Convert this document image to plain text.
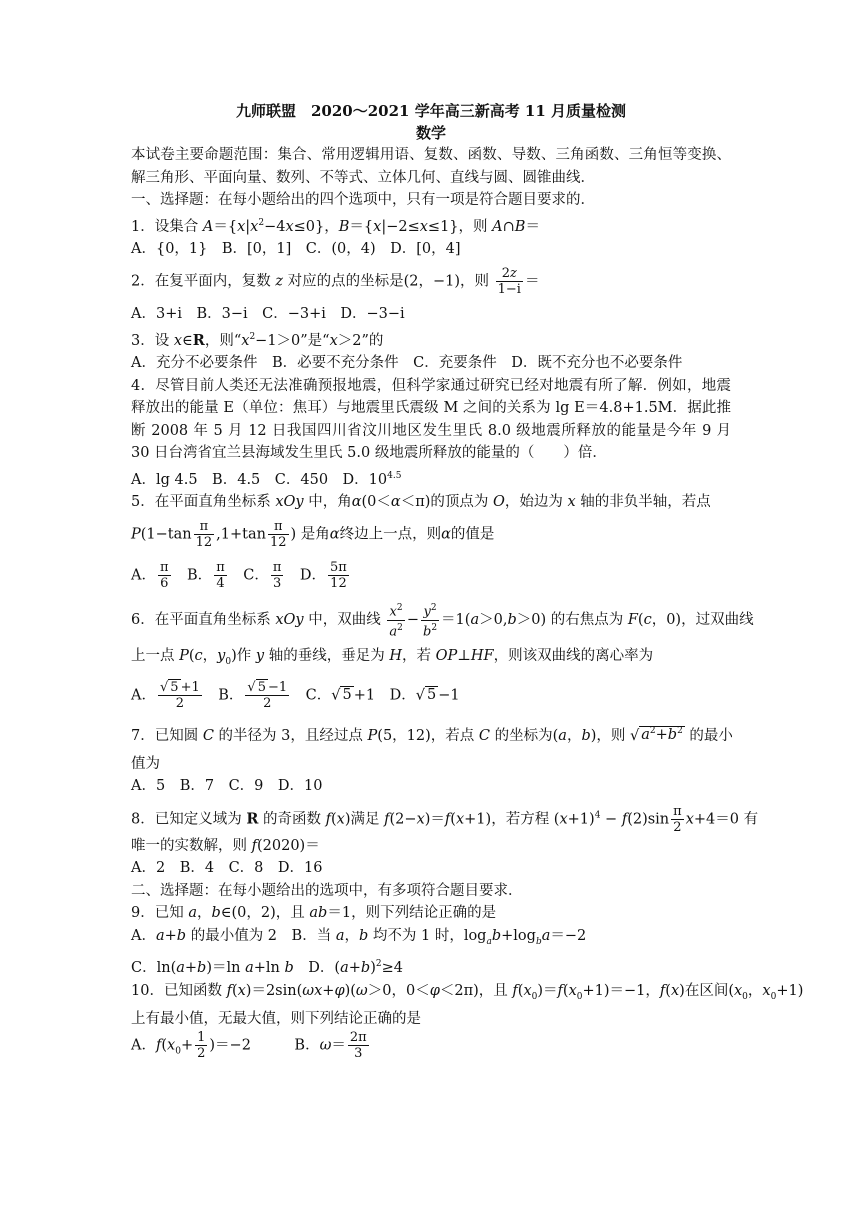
九师联盟　2020～2021 学年高三新高考 11 月质量检测
数学
本试卷主要命题范围：集合、常用逻辑用语、复数、函数、导数、三角函数、三角恒等变换、解三角形、平面向量、数列、不等式、立体几何、直线与圆、圆锥曲线．
一、选择题：在每小题给出的四个选项中，只有一项是符合题目要求的．
1．设集合 $A=\{x|x^2-4x\le 0\}$，B＝{x|−2≤x≤1}，则 A∩B＝
A．{0，1}　B．[0，1]　C．(0，4)　D．[0，4]
2．在复平面内，复数 z 对应的点的坐标是(2，−1)，则 $\frac{2z}{1-i}$ ＝
A．3+i　B．3−i　C．−3+i　D．−3−i
3．设 x∈R，则“$x^2-1>0$”是“x＞2”的
A．充分不必要条件　B．必要不充分条件　C．充要条件　D．既不充分也不必要条件
4．尽管目前人类还无法准确预报地震，但科学家通过研究已经对地震有所了解．例如，地震释放出的能量 E（单位：焦耳）与地震里氏震级 M 之间的关系为 lg E＝4.8+1.5M．据此推断 2008 年 5 月 12 日我国四川省汶川地区发生里氏 8.0 级地震所释放的能量是今年 9 月 30 日台湾省宜兰县海域发生里氏 5.0 级地震所释放的能量的（　　）倍．
A．lg 4.5　B．4.5　C．450　D．$10^{4.5}$
5．在平面直角坐标系 xOy 中，角α(0＜α＜π)的顶点为 O，始边为 x 轴的非负半轴，若点
$P(1-\tan \frac{\pi}{12} ,1+\tan \frac{\pi}{12}$ ) 是角α终边上一点，则α的值是
A． $\frac{\pi}{6}$ 　B． $\frac{\pi}{4}$ 　C． $\frac{\pi}{3}$ 　D． $\frac{5\pi}{12}$
6．在平面直角坐标系 xOy 中，双曲线 $\frac{x^2}{a^2} - \frac{y^2}{b^2} =1(a>0,b>0)$ 的右焦点为 F(c，0)，过双曲线
上一点 P(c，$y_0$)作 y 轴的垂线，垂足为 H，若 OP⊥HF，则该双曲线的离心率为
A． $\frac{√ 5 +1}{2}$ 　B． $\frac{√ 5 -1}{2}$ 　C．√ 5 +1　D．√ 5 −1
7．已知圆 C 的半径为 3，且经过点 P(5，12)，若点 C 的坐标为(a，b)，则 √ $a^2+b^2$ 的最小
值为
A．5　B．7　C．9　D．10
8．已知定义域为 R 的奇函数 f(x)满足 f(2−x)＝f(x+1)，若方程 $(x+1)^4 - f(2)\sin \frac{\pi}{2} x+4=0$ 有
唯一的实数解，则 f(2020)＝
A．2　B．4　C．8　D．16
二、选择题：在每小题给出的选项中，有多项符合题目要求．
9．已知 a，b∈(0，2)，且 ab＝1，则下列结论正确的是
A．a+b 的最小值为 2　B．当 a，b 均不为 1 时，$\log_ab+\log_ba=-2$
C．ln(a+b)＝ln a+ln b　D．$(a+b)^2\ge 4$
10．已知函数 f(x)＝2sin(ωx+φ)(ω＞0，0＜φ＜2π)，且 $f(x_0)=f(x_0+1)=-1$，f(x)在区间($x_0$，$x_0+1$)
上有最小值，无最大值，则下列结论正确的是
A．$f(x_0+ \frac{1}{2} )=-2$　　　B．$\omega= \frac{2\pi}{3}$
